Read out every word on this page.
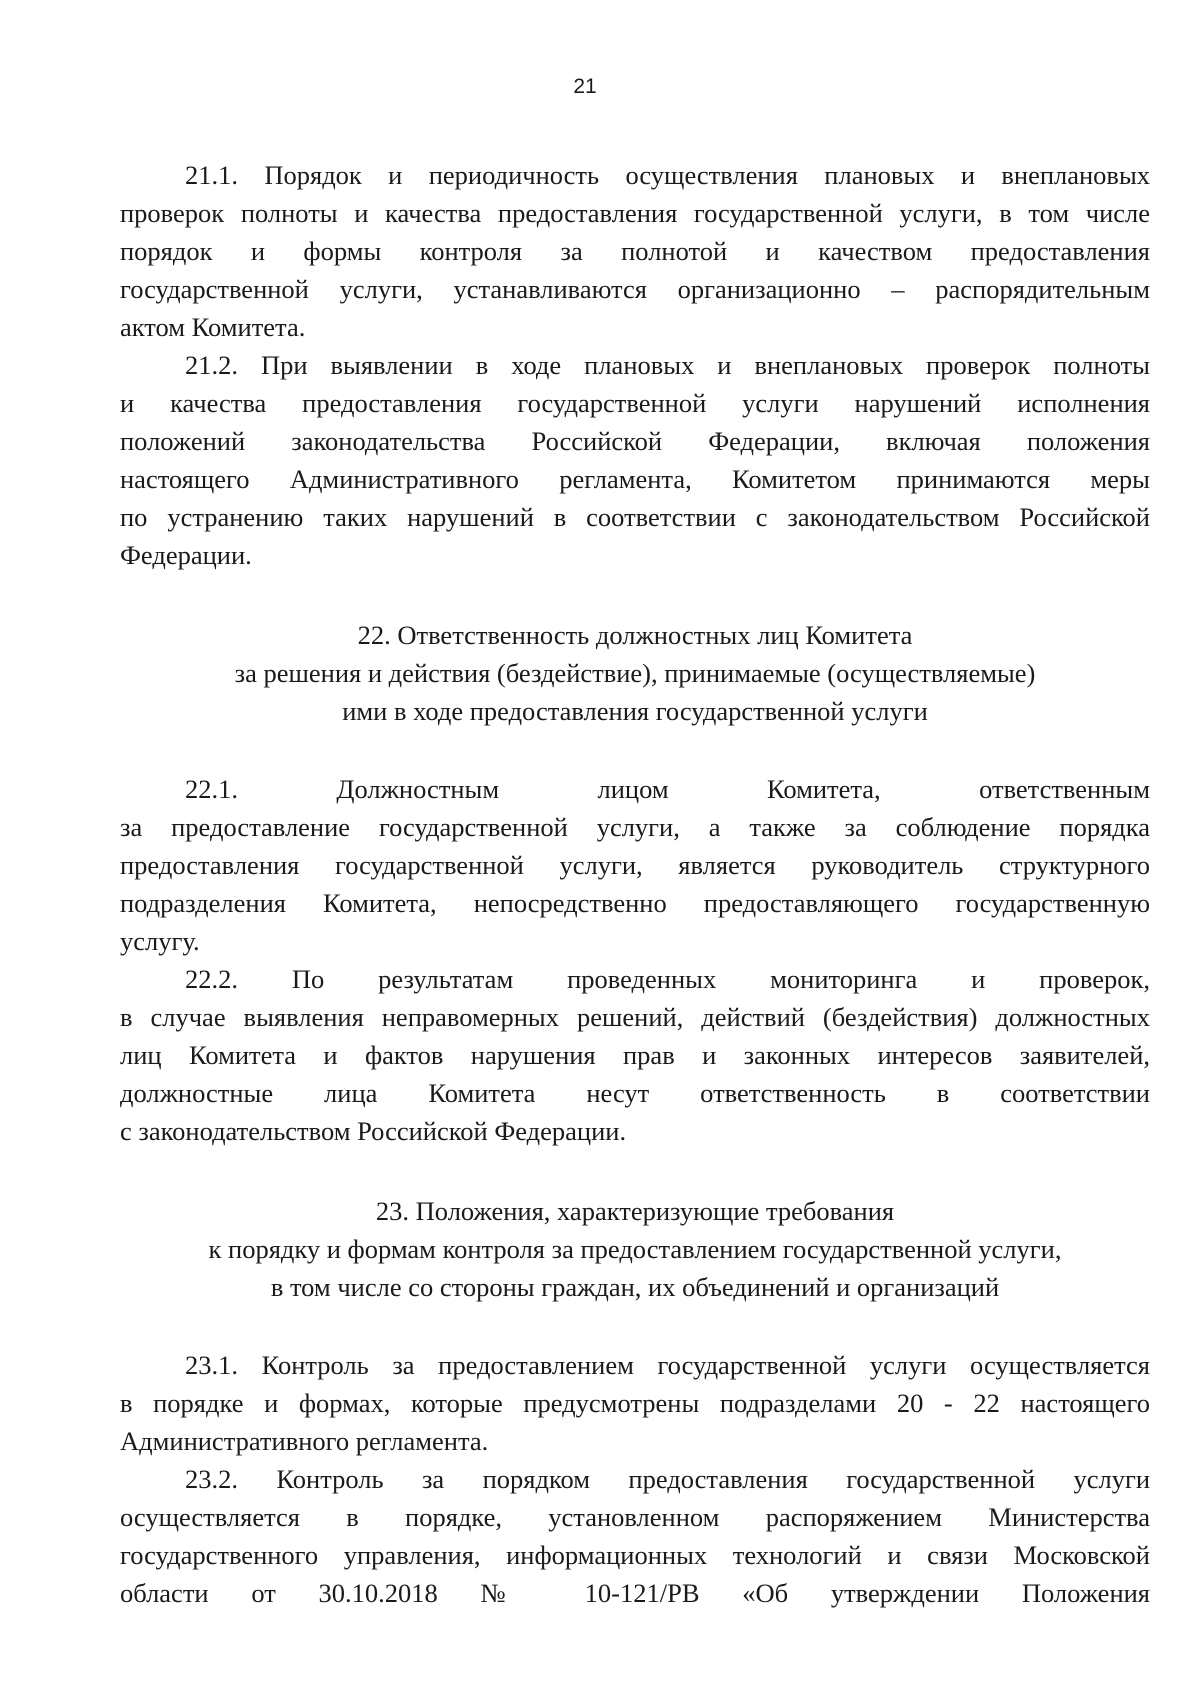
21
21.1. Порядок и периодичность осуществления плановых и внеплановых
проверок полноты и качества предоставления государственной услуги, в том числе
порядок и формы контроля за полнотой и качеством предоставления
государственной услуги, устанавливаются организационно – распорядительным
актом Комитета.
21.2. При выявлении в ходе плановых и внеплановых проверок полноты
и качества предоставления государственной услуги нарушений исполнения
положений законодательства Российской Федерации, включая положения
настоящего Административного регламента, Комитетом принимаются меры
по устранению таких нарушений в соответствии с законодательством Российской
Федерации.
22. Ответственность должностных лиц Комитета
за решения и действия (бездействие), принимаемые (осуществляемые)
ими в ходе предоставления государственной услуги
22.1. Должностным лицом Комитета, ответственным
за предоставление государственной услуги, а также за соблюдение порядка
предоставления государственной услуги, является руководитель структурного
подразделения Комитета, непосредственно предоставляющего государственную
услугу.
22.2. По результатам проведенных мониторинга и проверок,
в случае выявления неправомерных решений, действий (бездействия) должностных
лиц Комитета и фактов нарушения прав и законных интересов заявителей,
должностные лица Комитета несут ответственность в соответствии
с законодательством Российской Федерации.
23. Положения, характеризующие требования
к порядку и формам контроля за предоставлением государственной услуги,
в том числе со стороны граждан, их объединений и организаций
23.1. Контроль за предоставлением государственной услуги осуществляется
в порядке и формах, которые предусмотрены подразделами 20 - 22 настоящего
Административного регламента.
23.2. Контроль за порядком предоставления государственной услуги
осуществляется в порядке, установленном распоряжением Министерства
государственного управления, информационных технологий и связи Московской
области от 30.10.2018 № 10-121/РВ «Об утверждении Положения
